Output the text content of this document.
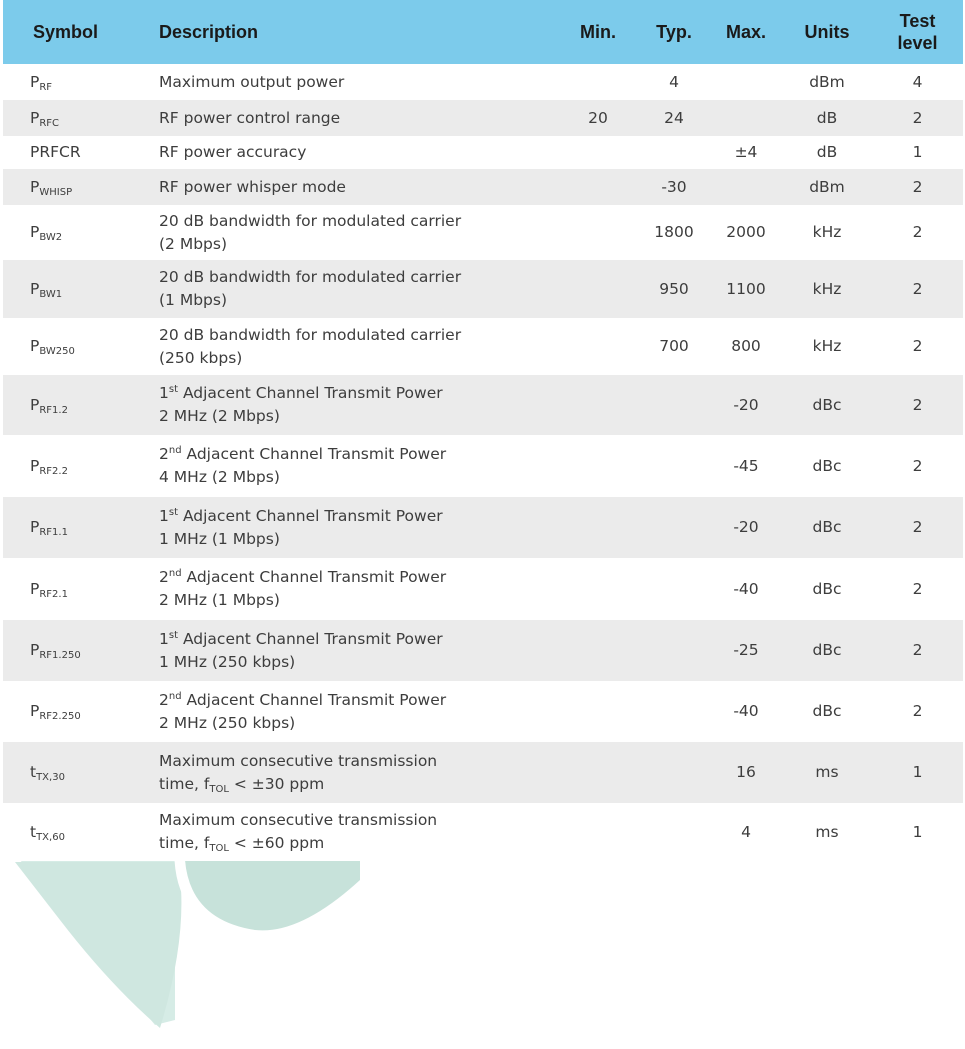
Symbol	Description	Min.	Typ.	Max.	Units	Test
level
$P_{RF}$	Maximum output power		4		dBm	4
$P_{RFC}$	RF power control range	20	24		dB	2
PRFCR	RF power accuracy			±4	dB	1
$P_{WHISP}$	RF power whisper mode		-30		dBm	2
$P_{BW2}$	20 dB bandwidth for modulated carrier
(2 Mbps)		1800	2000	kHz	2
$P_{BW1}$	20 dB bandwidth for modulated carrier
(1 Mbps)		950	1100	kHz	2
$P_{BW250}$	20 dB bandwidth for modulated carrier
(250 kbps)		700	800	kHz	2
$P_{RF1.2}$	1st Adjacent Channel Transmit Power
2 MHz (2 Mbps)			-20	dBc	2
$P_{RF2.2}$	2nd Adjacent Channel Transmit Power
4 MHz (2 Mbps)			-45	dBc	2
$P_{RF1.1}$	1st Adjacent Channel Transmit Power
1 MHz (1 Mbps)			-20	dBc	2
$P_{RF2.1}$	2nd Adjacent Channel Transmit Power
2 MHz (1 Mbps)			-40	dBc	2
$P_{RF1.250}$	1st Adjacent Channel Transmit Power
1 MHz (250 kbps)			-25	dBc	2
$P_{RF2.250}$	2nd Adjacent Channel Transmit Power
2 MHz (250 kbps)			-40	dBc	2
$t_{TX,30}$	Maximum consecutive transmission
time, $f_{TOL} < \pm 30$ ppm			16	ms	1
$t_{TX,60}$	Maximum consecutive transmission
time, $f_{TOL} < \pm 60$ ppm			4	ms	1
